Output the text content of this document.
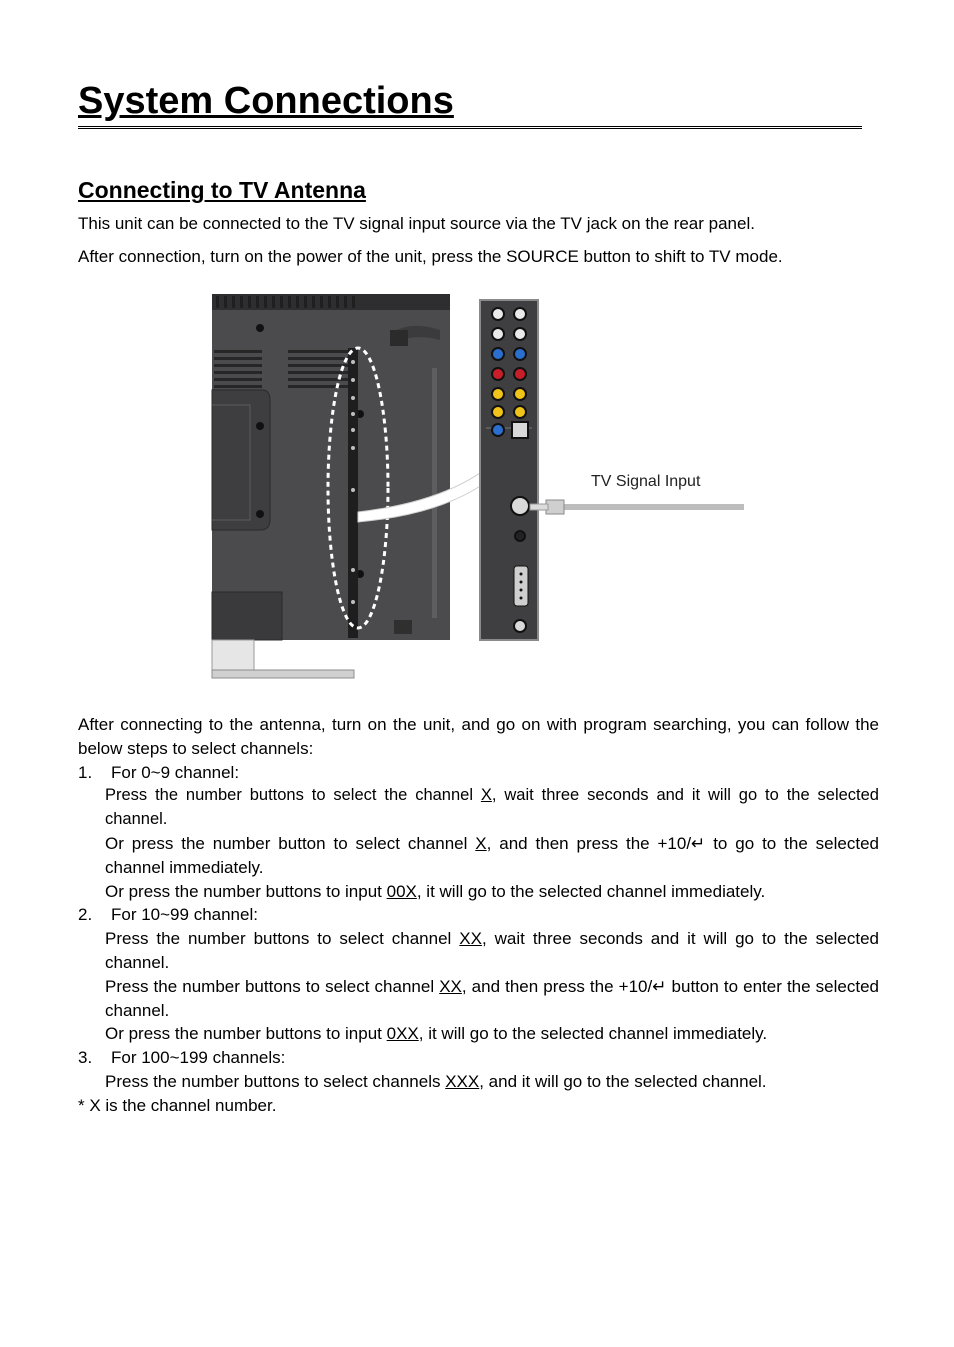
System Connections
Connecting to TV Antenna

This unit can be connected to the TV signal input source via the TV jack on the rear panel.

After connection, turn on the power of the unit, press the SOURCE button to shift to TV mode.

TV Signal Input

After connecting to the antenna, turn on the unit, and go on with program searching, you can follow the below steps to select channels:

1. For 0~9 channel:

Press the number buttons to select the channel X, wait three seconds and it will go to the selected channel.

Or press the number button to select channel X, and then press the +10/↵ to go to the selected channel immediately.

Or press the number buttons to input 00X, it will go to the selected channel immediately.

2. For 10~99 channel:

Press the number buttons to select channel XX, wait three seconds and it will go to the selected channel.

Press the number buttons to select channel XX, and then press the +10/↵ button to enter the selected channel.

Or press the number buttons to input 0XX, it will go to the selected channel immediately.

3. For 100~199 channels:

Press the number buttons to select channels XXX, and it will go to the selected channel.

* X is the channel number.
